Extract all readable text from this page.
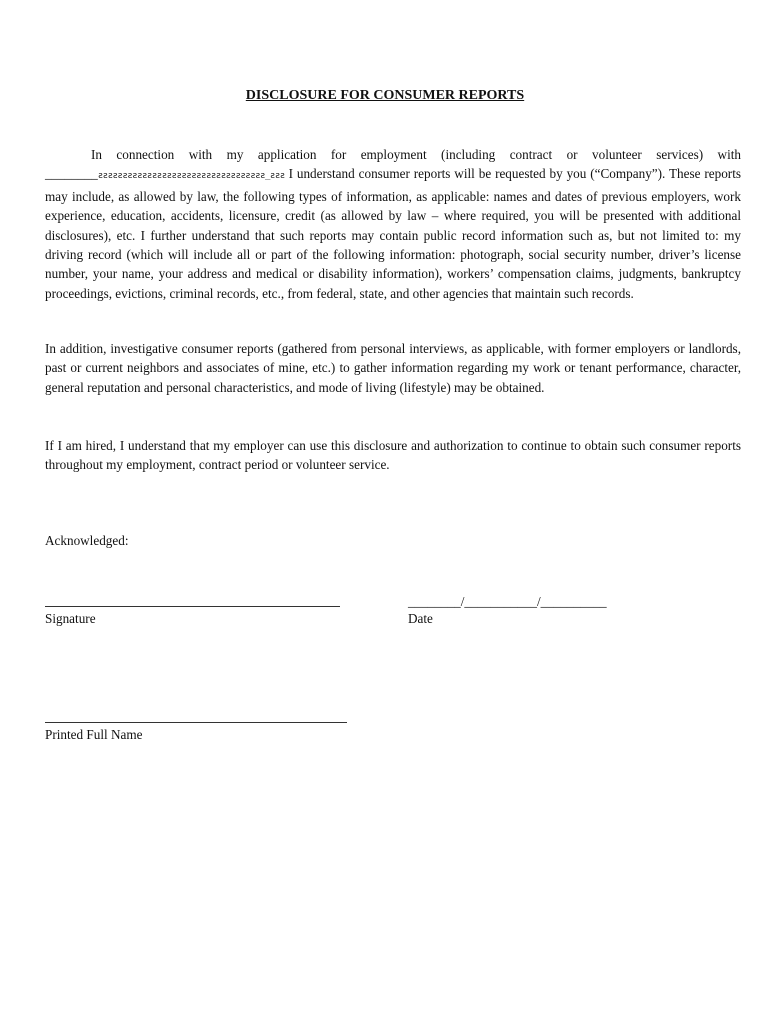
DISCLOSURE FOR CONSUMER REPORTS

In connection with my application for employment (including contract or volunteer services) with ________ƨƨƨƨƨƨƨƨƨƨƨƨƨƨƨƨƨƨƨƨƨƨƨƨƨƨƨƨƨƨƨƨƨƨ_ƨƨƨ I understand consumer reports will be requested by you (“Company”). These reports may include, as allowed by law, the following types of information, as applicable: names and dates of previous employers, work experience, education, accidents, licensure, credit (as allowed by law – where required, you will be presented with additional disclosures), etc. I further understand that such reports may contain public record information such as, but not limited to: my driving record (which will include all or part of the following information: photograph, social security number, driver’s license number, your name, your address and medical or disability information), workers’ compensation claims, judgments, bankruptcy proceedings, evictions, criminal records, etc., from federal, state, and other agencies that maintain such records.

In addition, investigative consumer reports (gathered from personal interviews, as applicable, with former employers or landlords, past or current neighbors and associates of mine, etc.) to gather information regarding my work or tenant performance, character, general reputation and personal characteristics, and mode of living (lifestyle) may be obtained.

If I am hired, I understand that my employer can use this disclosure and authorization to continue to obtain such consumer reports throughout my employment, contract period or volunteer service.

Acknowledged:
Signature
________/___________/__________
Date
Printed Full Name
